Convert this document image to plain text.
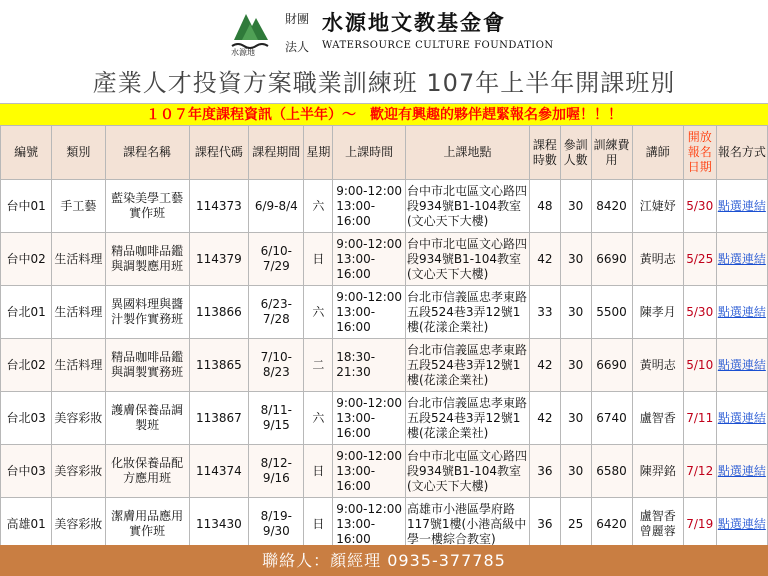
水源地
財團
法人
水源地文教基金會
WATERSOURCE CULTURE FOUNDATION
產業人才投資方案職業訓練班 107年上半年開課班別
１０７年度課程資訊（上半年）～　歡迎有興趣的夥伴趕緊報名參加喔！！！
編號	類別	課程名稱	課程代碼	課程期間	星期	上課時間	上課地點	課程時數	參訓人數	訓練費用	講師	開放報名日期	報名方式
台中01	手工藝	藍染美學工藝實作班	114373	6/9-8/4	六	9:00-12:00 13:00-16:00	台中市北屯區文心路四段934號B1-104教室(文心天下大樓)	48	30	8420	江婕妤	5/30	點選連結
台中02	生活料理	精品咖啡品鑑與調製應用班	114379	6/10-7/29	日	9:00-12:00 13:00-16:00	台中市北屯區文心路四段934號B1-104教室(文心天下大樓)	42	30	6690	黃明志	5/25	點選連結
台北01	生活料理	異國料理與醬汁製作實務班	113866	6/23-7/28	六	9:00-12:00 13:00-16:00	台北市信義區忠孝東路五段524巷3弄12號1樓(花漾企業社)	33	30	5500	陳孝月	5/30	點選連結
台北02	生活料理	精品咖啡品鑑與調製實務班	113865	7/10-8/23	二	18:30-21:30	台北市信義區忠孝東路五段524巷3弄12號1樓(花漾企業社)	42	30	6690	黃明志	5/10	點選連結
台北03	美容彩妝	護膚保養品調製班	113867	8/11-9/15	六	9:00-12:00 13:00-16:00	台北市信義區忠孝東路五段524巷3弄12號1樓(花漾企業社)	42	30	6740	盧智香	7/11	點選連結
台中03	美容彩妝	化妝保養品配方應用班	114374	8/12-9/16	日	9:00-12:00 13:00-16:00	台中市北屯區文心路四段934號B1-104教室(文心天下大樓)	36	30	6580	陳羿銘	7/12	點選連結
高雄01	美容彩妝	潔膚用品應用實作班	113430	8/19-9/30	日	9:00-12:00 13:00-16:00	高雄市小港區學府路117號1樓(小港高級中學一樓綜合教室)	36	25	6420	盧智香 曾麗蓉	7/19	點選連結
聯絡人：顏經理 0935-377785
